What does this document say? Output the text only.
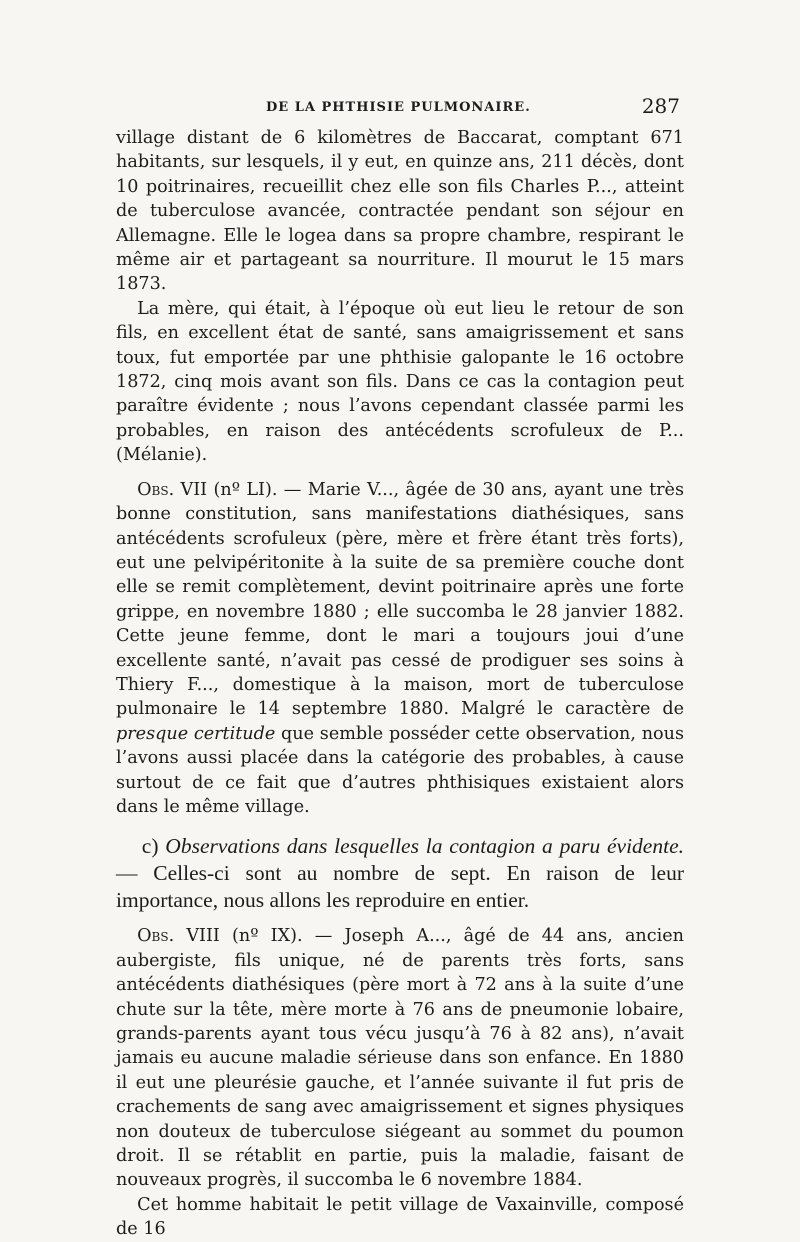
DE LA PHTHISIE PULMONAIRE.	287

village distant de 6 kilomètres de Baccarat, comptant 671 habitants, sur lesquels, il y eut, en quinze ans, 211 décès, dont 10 poitrinaires, recueillit chez elle son fils Charles P..., atteint de tuberculose avancée, contractée pendant son séjour en Allemagne. Elle le logea dans sa propre chambre, respirant le même air et partageant sa nourriture. Il mourut le 15 mars 1873.

La mère, qui était, à l’époque où eut lieu le retour de son fils, en excellent état de santé, sans amaigrissement et sans toux, fut emportée par une phthisie galopante le 16 octobre 1872, cinq mois avant son fils. Dans ce cas la contagion peut paraître évidente ; nous l’avons cependant classée parmi les probables, en raison des antécédents scrofuleux de P... (Mélanie).

Obs. VII (nº LI). — Marie V..., âgée de 30 ans, ayant une très bonne constitution, sans manifestations diathésiques, sans antécédents scrofuleux (père, mère et frère étant très forts), eut une pelvipéritonite à la suite de sa première couche dont elle se remit complètement, devint poitrinaire après une forte grippe, en novembre 1880 ; elle succomba le 28 janvier 1882. Cette jeune femme, dont le mari a toujours joui d’une excellente santé, n’avait pas cessé de prodiguer ses soins à Thiery F..., domestique à la maison, mort de tuberculose pulmonaire le 14 septembre 1880. Malgré le caractère de presque certitude que semble posséder cette observation, nous l’avons aussi placée dans la catégorie des probables, à cause surtout de ce fait que d’autres phthisiques existaient alors dans le même village.

c) Observations dans lesquelles la contagion a paru évidente. — Celles-ci sont au nombre de sept. En raison de leur importance, nous allons les reproduire en entier.

Obs. VIII (nº IX). — Joseph A..., âgé de 44 ans, ancien aubergiste, fils unique, né de parents très forts, sans antécédents diathésiques (père mort à 72 ans à la suite d’une chute sur la tête, mère morte à 76 ans de pneumonie lobaire, grands-parents ayant tous vécu jusqu’à 76 à 82 ans), n’avait jamais eu aucune maladie sérieuse dans son enfance. En 1880 il eut une pleurésie gauche, et l’année suivante il fut pris de crachements de sang avec amaigrissement et signes physiques non douteux de tuberculose siégeant au sommet du poumon droit. Il se rétablit en partie, puis la maladie, faisant de nouveaux progrès, il succomba le 6 novembre 1884.

Cet homme habitait le petit village de Vaxainville, composé de 16
